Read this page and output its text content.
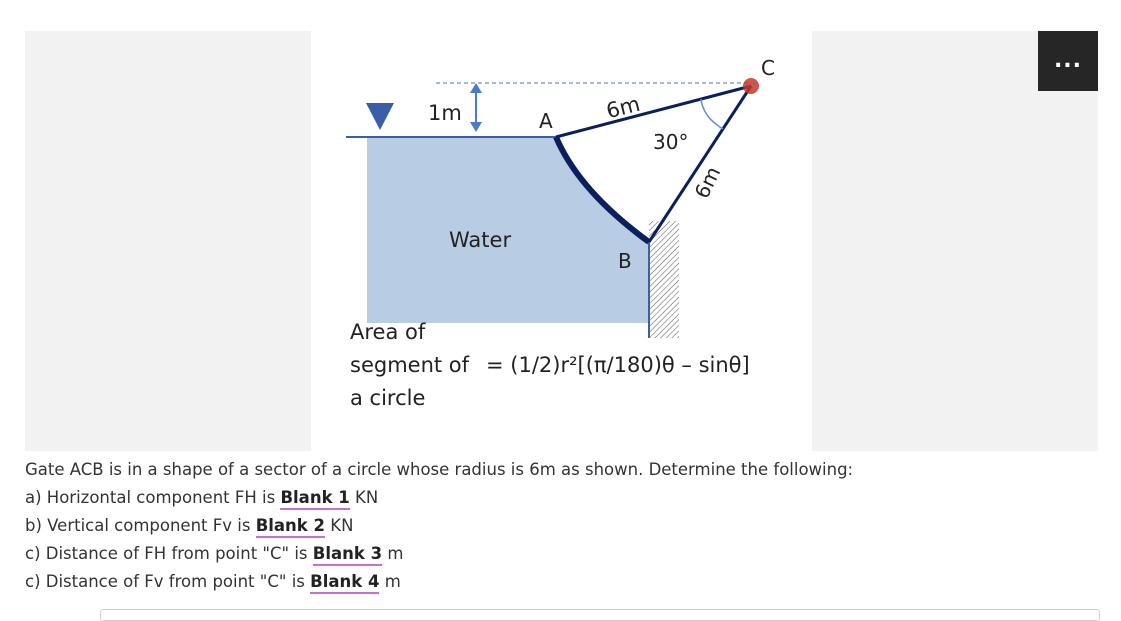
1m	A 6m
C
30°
6m
Water
B
Area of
segment of = (1/2)r²[(π/180)θ – sinθ]
a circle
...
Gate ACB is in a shape of a sector of a circle whose radius is 6m as shown. Determine the following:
a) Horizontal component FH is Blank 1 KN
b) Vertical component Fv is Blank 2 KN
c) Distance of FH from point "C" is Blank 3 m
c) Distance of Fv from point "C" is Blank 4 m
